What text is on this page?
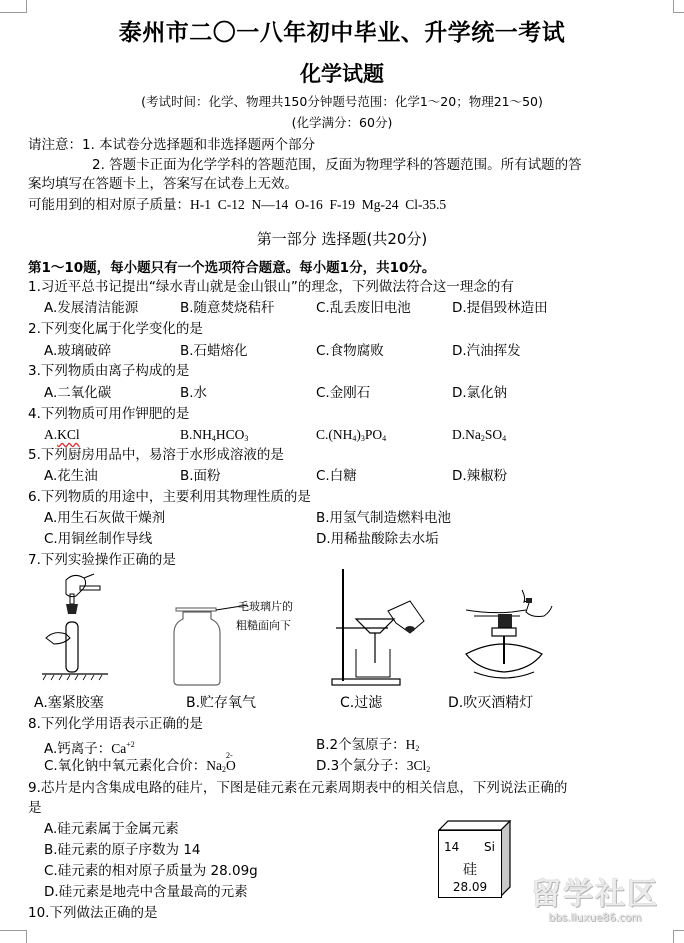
泰州市二〇一八年初中毕业、升学统一考试
化学试题
(考试时间：化学、物理共150分钟题号范围：化学1～20；物理21～50)
(化学满分：60分)
请注意：1. 本试卷分选择题和非选择题两个部分
2. 答题卡正面为化学学科的答题范围，反面为物理学科的答题范围。所有试题的答
案均填写在答题卡上，答案写在试卷上无效。
可能用到的相对原子质量：H-1  C-12  N—14  O-16  F-19  Mg-24  Cl-35.5
第一部分 选择题(共20分)
第1～10题，每小题只有一个选项符合题意。每小题1分，共10分。
1.习近平总书记提出“绿水青山就是金山银山”的理念，下列做法符合这一理念的有
A.发展清洁能源	B.随意焚烧秸秆	C.乱丢废旧电池	D.提倡毁林造田
2.下列变化属于化学变化的是
A.玻璃破碎	B.石蜡熔化	C.食物腐败	D.汽油挥发
3.下列物质由离子构成的是
A.二氧化碳	B.水	C.金刚石	D.氯化钠
4.下列物质可用作钾肥的是
A.KCl	$B.NH_4HCO_3$	$C.(NH_4)_3PO_4$	$D.Na_2SO_4$
5.下列厨房用品中，易溶于水形成溶液的是
A.花生油	B.面粉	C.白糖	D.辣椒粉
6.下列物质的用途中，主要利用其物理性质的是
A.用生石灰做干燥剂	B.用氢气制造燃料电池
C.用铜丝制作导线	D.用稀盐酸除去水垢
7.下列实验操作正确的是
A.塞紧胶塞
毛玻璃片的
粗糙面向下
B.贮存氧气	C.过滤	D.吹灭酒精灯
8.下列化学用语表示正确的是
A.钙离子：$Ca^{+2}$	B.2个氢原子：$H_2$
C.氧化钠中氧元素化合价：$Na_2O$
2-
D.3个氯分子：$3Cl_2$
9.芯片是内含集成电路的硅片，下图是硅元素在元素周期表中的相关信息，下列说法正确的
是
A.硅元素属于金属元素
B.硅元素的原子序数为 14
C.硅元素的相对原子质量为 28.09g
D.硅元素是地壳中含量最高的元素
14 Si
硅
28.09
10.下列做法正确的是
留学社区
bbs.liuxue86.com
